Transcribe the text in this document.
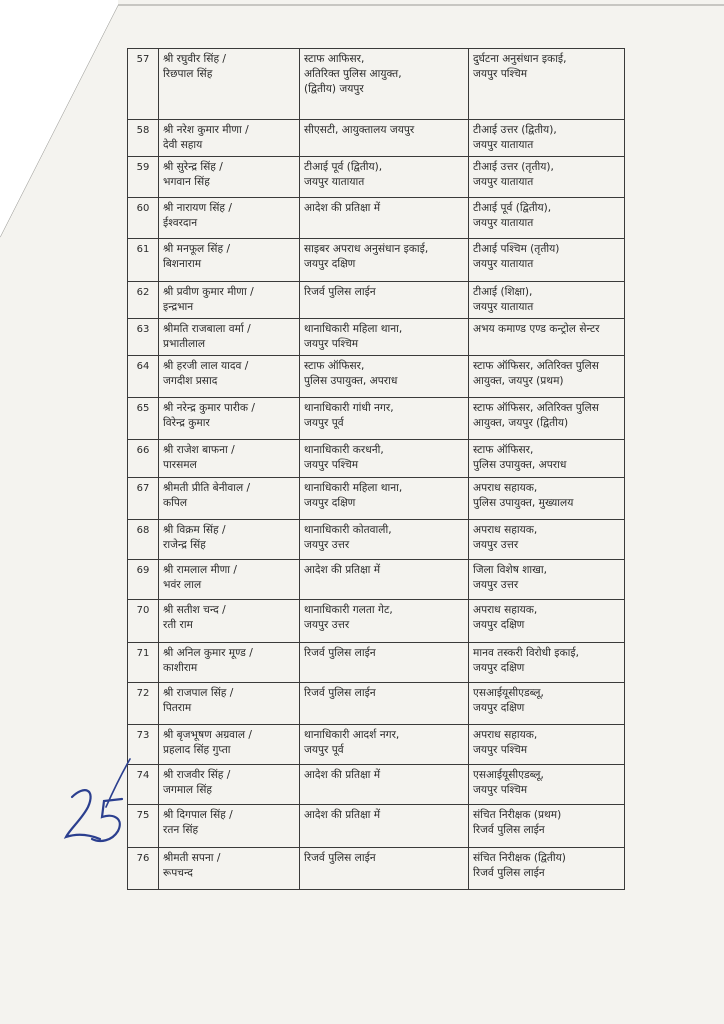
57	श्री रघुवीर सिंह /
रिछपाल सिंह	स्टाफ आफिसर,
अतिरिक्त पुलिस आयुक्त,
(द्वितीय) जयपुर	दुर्घटना अनुसंधान इकाई,
जयपुर पश्चिम

58	श्री नरेश कुमार मीणा /
देवी सहाय	सीएसटी, आयुक्तालय जयपुर	टीआई उत्तर (द्वितीय),
जयपुर यातायात

59	श्री सुरेन्द्र सिंह /
भगवान सिंह	टीआई पूर्व (द्वितीय),
जयपुर यातायात	टीआई उत्तर (तृतीय),
जयपुर यातायात

60	श्री नारायण सिंह /
ईश्वरदान	आदेश की प्रतिक्षा में	टीआई पूर्व (द्वितीय),
जयपुर यातायात

61	श्री मनफूल सिंह /
बिशनाराम	साइबर अपराध अनुसंधान इकाई,
जयपुर दक्षिण	टीआई पश्चिम (तृतीय)
जयपुर यातायात

62	श्री प्रवीण कुमार मीणा /
इन्द्रभान	रिजर्व पुलिस लाईन	टीआई (शिक्षा),
जयपुर यातायात

63	श्रीमति राजबाला वर्मा /
प्रभातीलाल	थानाधिकारी महिला थाना,
जयपुर पश्चिम	अभय कमाण्ड एण्ड कन्ट्रोल सेन्टर

64	श्री हरजी लाल यादव /
जगदीश प्रसाद	स्टाफ ऑफिसर,
पुलिस उपायुक्त, अपराध	स्टाफ ऑफिसर, अतिरिक्त पुलिस
आयुक्त, जयपुर (प्रथम)

65	श्री नरेन्द्र कुमार पारीक /
विरेन्द्र कुमार	थानाधिकारी गांधी नगर,
जयपुर पूर्व	स्टाफ ऑफिसर, अतिरिक्त पुलिस
आयुक्त, जयपुर (द्वितीय)

66	श्री राजेश बाफना /
पारसमल	थानाधिकारी करधनी,
जयपुर पश्चिम	स्टाफ ऑफिसर,
पुलिस उपायुक्त, अपराध

67	श्रीमती प्रीति बेनीवाल /
कपिल	थानाधिकारी महिला थाना,
जयपुर दक्षिण	अपराध सहायक,
पुलिस उपायुक्त, मुख्यालय

68	श्री विक्रम सिंह /
राजेन्द्र सिंह	थानाधिकारी कोतवाली,
जयपुर उत्तर	अपराध सहायक,
जयपुर उत्तर

69	श्री रामलाल मीणा /
भवंर लाल	आदेश की प्रतिक्षा में	जिला विशेष शाखा,
जयपुर उत्तर

70	श्री सतीश चन्द /
रती राम	थानाधिकारी गलता गेट,
जयपुर उत्तर	अपराध सहायक,
जयपुर दक्षिण

71	श्री अनिल कुमार मूण्ड /
काशीराम	रिजर्व पुलिस लाईन	मानव तस्करी विरोधी इकाई,
जयपुर दक्षिण

72	श्री राजपाल सिंह /
पितराम	रिजर्व पुलिस लाईन	एसआईयूसीएडब्लू,
जयपुर दक्षिण

73	श्री बृजभूषण अग्रवाल /
प्रहलाद सिंह गुप्ता	थानाधिकारी आदर्श नगर,
जयपुर पूर्व	अपराध सहायक,
जयपुर पश्चिम

74	श्री राजवीर सिंह /
जगमाल सिंह	आदेश की प्रतिक्षा में	एसआईयूसीएडब्लू,
जयपुर पश्चिम

75	श्री दिगपाल सिंह /
रतन सिंह	आदेश की प्रतिक्षा में	संचित निरीक्षक (प्रथम)
रिजर्व पुलिस लाईन

76	श्रीमती सपना /
रूपचन्द	रिजर्व पुलिस लाईन	संचित निरीक्षक (द्वितीय)
रिजर्व पुलिस लाईन
